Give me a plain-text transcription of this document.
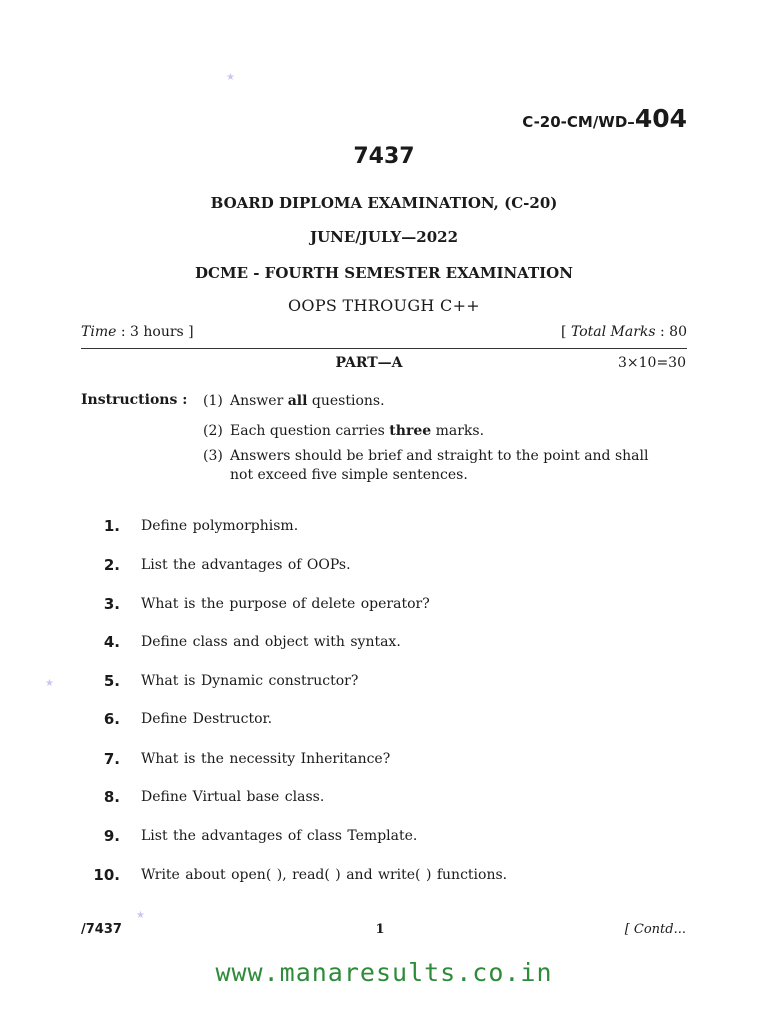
C-20-CM/WD–404
7437
BOARD DIPLOMA EXAMINATION, (C-20)
JUNE/JULY—2022
DCME - FOURTH SEMESTER EXAMINATION
OOPS THROUGH C++
Time : 3 hours ]	[ Total Marks : 80
PART—A	3×10=30
Instructions : (1) Answer all questions.
(2) Each question carries three marks.
(3) Answers should be brief and straight to the point and shall not exceed five simple sentences.
1. Define polymorphism.
2. List the advantages of OOPs.
3. What is the purpose of delete operator?
4. Define class and object with syntax.
5. What is Dynamic constructor?
6. Define Destructor.
7. What is the necessity Inheritance?
8. Define Virtual base class.
9. List the advantages of class Template.
10. Write about open( ), read( ) and write( ) functions.
/7437	1	[ Contd...
www.manaresults.co.in
★
★
★
